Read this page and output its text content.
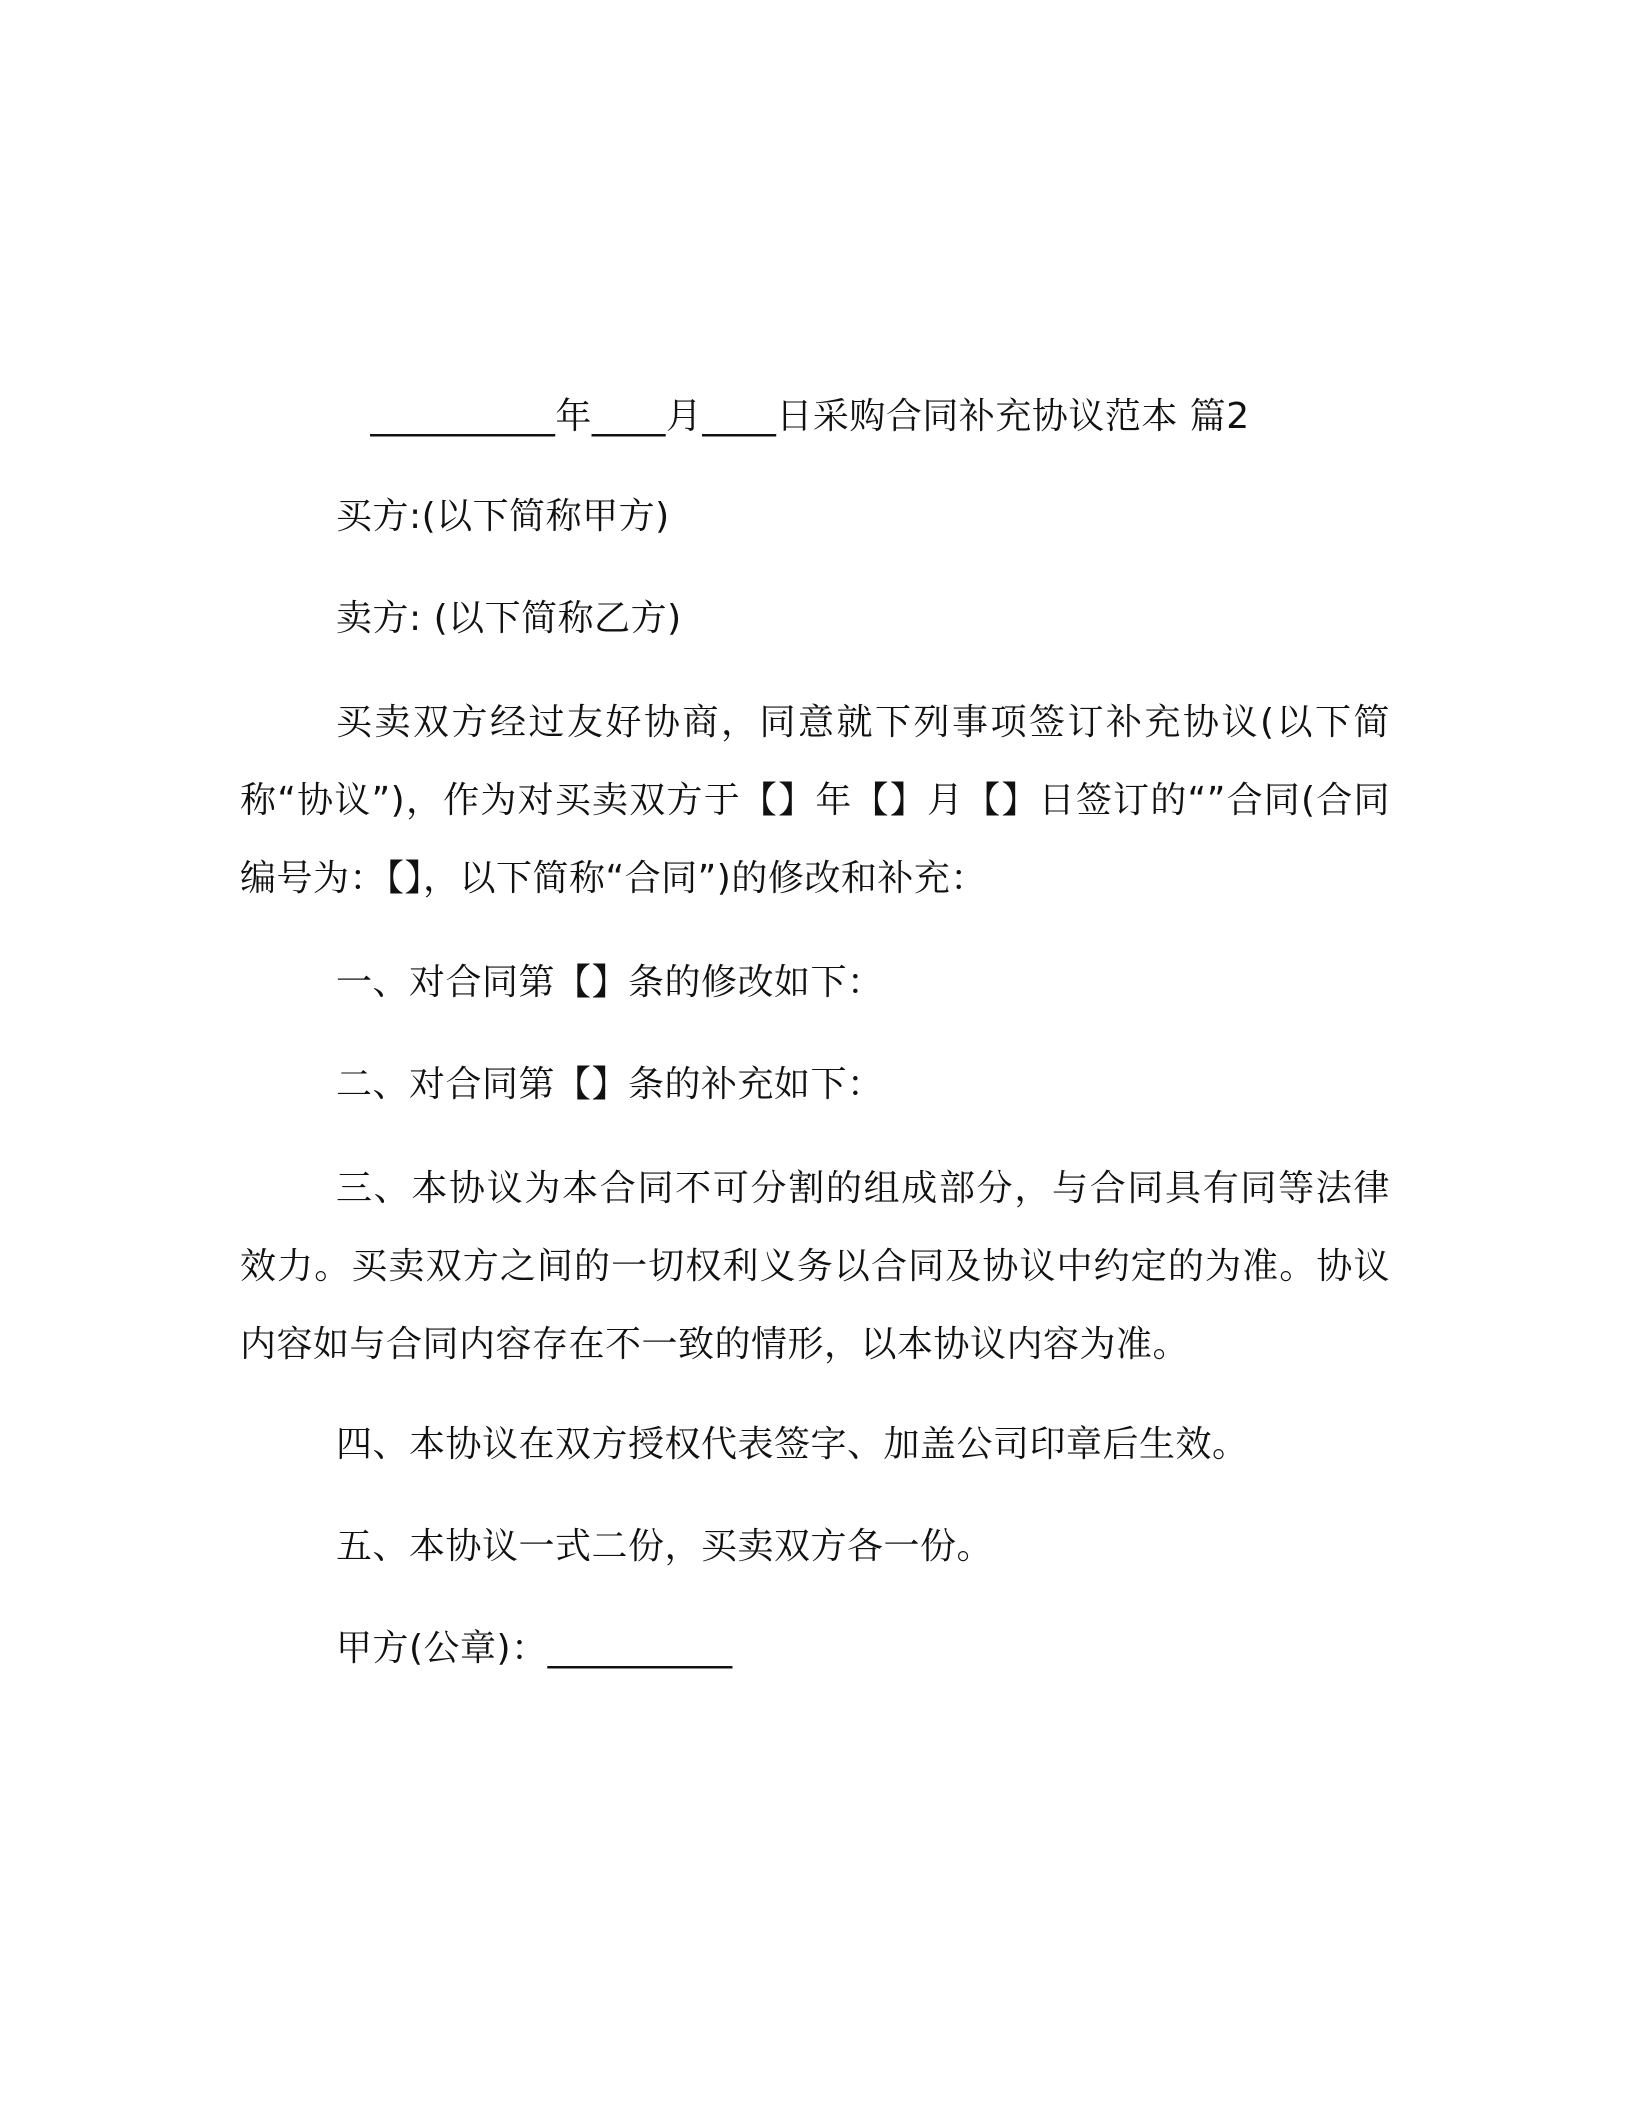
__________年____月____日采购合同补充协议范本 篇2
买方:(以下简称甲方)
卖方: (以下简称乙方)
买卖双方经过友好协商，同意就下列事项签订补充协议(以下简称“协议”)，作为对买卖双方于【】年【】月【】日签订的“”合同(合同编号为：【】，以下简称“合同”)的修改和补充：
一、对合同第【】条的修改如下：
二、对合同第【】条的补充如下：
三、本协议为本合同不可分割的组成部分，与合同具有同等法律效力。买卖双方之间的一切权利义务以合同及协议中约定的为准。协议内容如与合同内容存在不一致的情形，以本协议内容为准。
四、本协议在双方授权代表签字、加盖公司印章后生效。
五、本协议一式二份，买卖双方各一份。
甲方(公章)：__________
